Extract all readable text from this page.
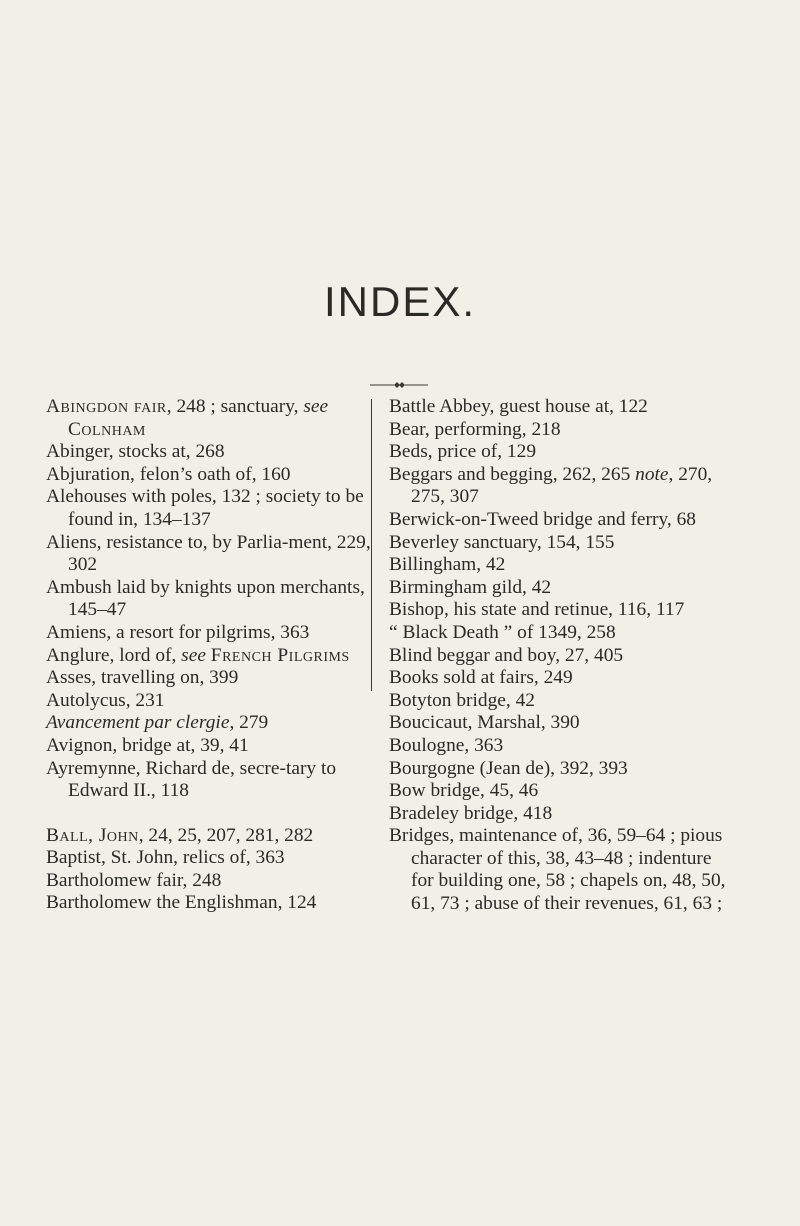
INDEX.

Abingdon fair, 248 ; sanctuary, see Colnham

Abinger, stocks at, 268

Abjuration, felon’s oath of, 160

Alehouses with poles, 132 ; society to be found in, 134–137

Aliens, resistance to, by Parlia-ment, 229, 302

Ambush laid by knights upon merchants, 145–47

Amiens, a resort for pilgrims, 363

Anglure, lord of, see French Pilgrims

Asses, travelling on, 399

Autolycus, 231

Avancement par clergie, 279

Avignon, bridge at, 39, 41

Ayremynne, Richard de, secre-tary to Edward II., 118

Ball, John, 24, 25, 207, 281, 282

Baptist, St. John, relics of, 363

Bartholomew fair, 248

Bartholomew the Englishman, 124

Battle Abbey, guest house at, 122

Bear, performing, 218

Beds, price of, 129

Beggars and begging, 262, 265 note, 270, 275, 307

Berwick-on-Tweed bridge and ferry, 68

Beverley sanctuary, 154, 155

Billingham, 42

Birmingham gild, 42

Bishop, his state and retinue, 116, 117

“ Black Death ” of 1349, 258

Blind beggar and boy, 27, 405

Books sold at fairs, 249

Botyton bridge, 42

Boucicaut, Marshal, 390

Boulogne, 363

Bourgogne (Jean de), 392, 393

Bow bridge, 45, 46

Bradeley bridge, 418

Bridges, maintenance of, 36, 59–64 ; pious character of this, 38, 43–48 ; indenture for building one, 58 ; chapels on, 48, 50, 61, 73 ; abuse of their revenues, 61, 63 ;
